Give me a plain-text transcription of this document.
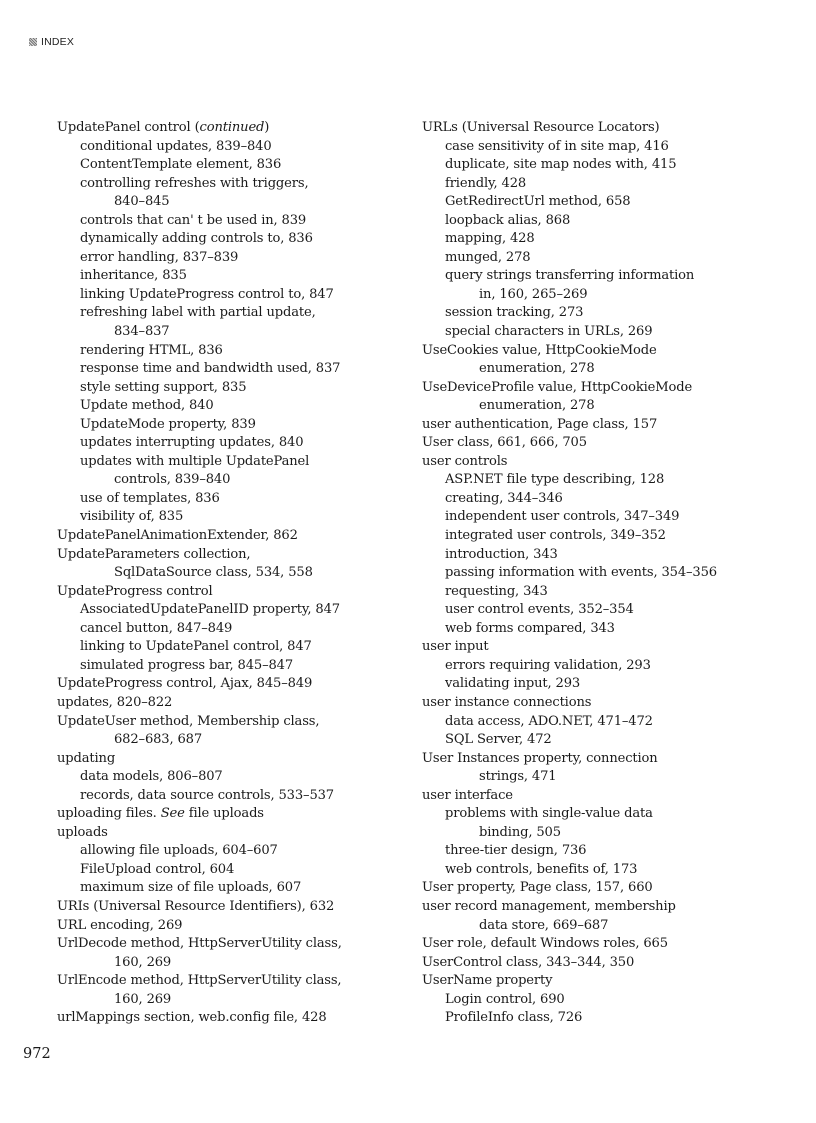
INDEX
UpdatePanel control (continued)
conditional updates, 839–840
ContentTemplate element, 836
controlling refreshes with triggers,
840–845
controls that can' t be used in, 839
dynamically adding controls to, 836
error handling, 837–839
inheritance, 835
linking UpdateProgress control to, 847
refreshing label with partial update,
834–837
rendering HTML, 836
response time and bandwidth used, 837
style setting support, 835
Update method, 840
UpdateMode property, 839
updates interrupting updates, 840
updates with multiple UpdatePanel
controls, 839–840
use of templates, 836
visibility of, 835
UpdatePanelAnimationExtender, 862
UpdateParameters collection,
SqlDataSource class, 534, 558
UpdateProgress control
AssociatedUpdatePanelID property, 847
cancel button, 847–849
linking to UpdatePanel control, 847
simulated progress bar, 845–847
UpdateProgress control, Ajax, 845–849
updates, 820–822
UpdateUser method, Membership class,
682–683, 687
updating
data models, 806–807
records, data source controls, 533–537
uploading files. See file uploads
uploads
allowing file uploads, 604–607
FileUpload control, 604
maximum size of file uploads, 607
URIs (Universal Resource Identifiers), 632
URL encoding, 269
UrlDecode method, HttpServerUtility class,
160, 269
UrlEncode method, HttpServerUtility class,
160, 269
urlMappings section, web.config file, 428
URLs (Universal Resource Locators)
case sensitivity of in site map, 416
duplicate, site map nodes with, 415
friendly, 428
GetRedirectUrl method, 658
loopback alias, 868
mapping, 428
munged, 278
query strings transferring information
in, 160, 265–269
session tracking, 273
special characters in URLs, 269
UseCookies value, HttpCookieMode
enumeration, 278
UseDeviceProfile value, HttpCookieMode
enumeration, 278
user authentication, Page class, 157
User class, 661, 666, 705
user controls
ASP.NET file type describing, 128
creating, 344–346
independent user controls, 347–349
integrated user controls, 349–352
introduction, 343
passing information with events, 354–356
requesting, 343
user control events, 352–354
web forms compared, 343
user input
errors requiring validation, 293
validating input, 293
user instance connections
data access, ADO.NET, 471–472
SQL Server, 472
User Instances property, connection
strings, 471
user interface
problems with single-value data
binding, 505
three-tier design, 736
web controls, benefits of, 173
User property, Page class, 157, 660
user record management, membership
data store, 669–687
User role, default Windows roles, 665
UserControl class, 343–344, 350
UserName property
Login control, 690
ProfileInfo class, 726
972
